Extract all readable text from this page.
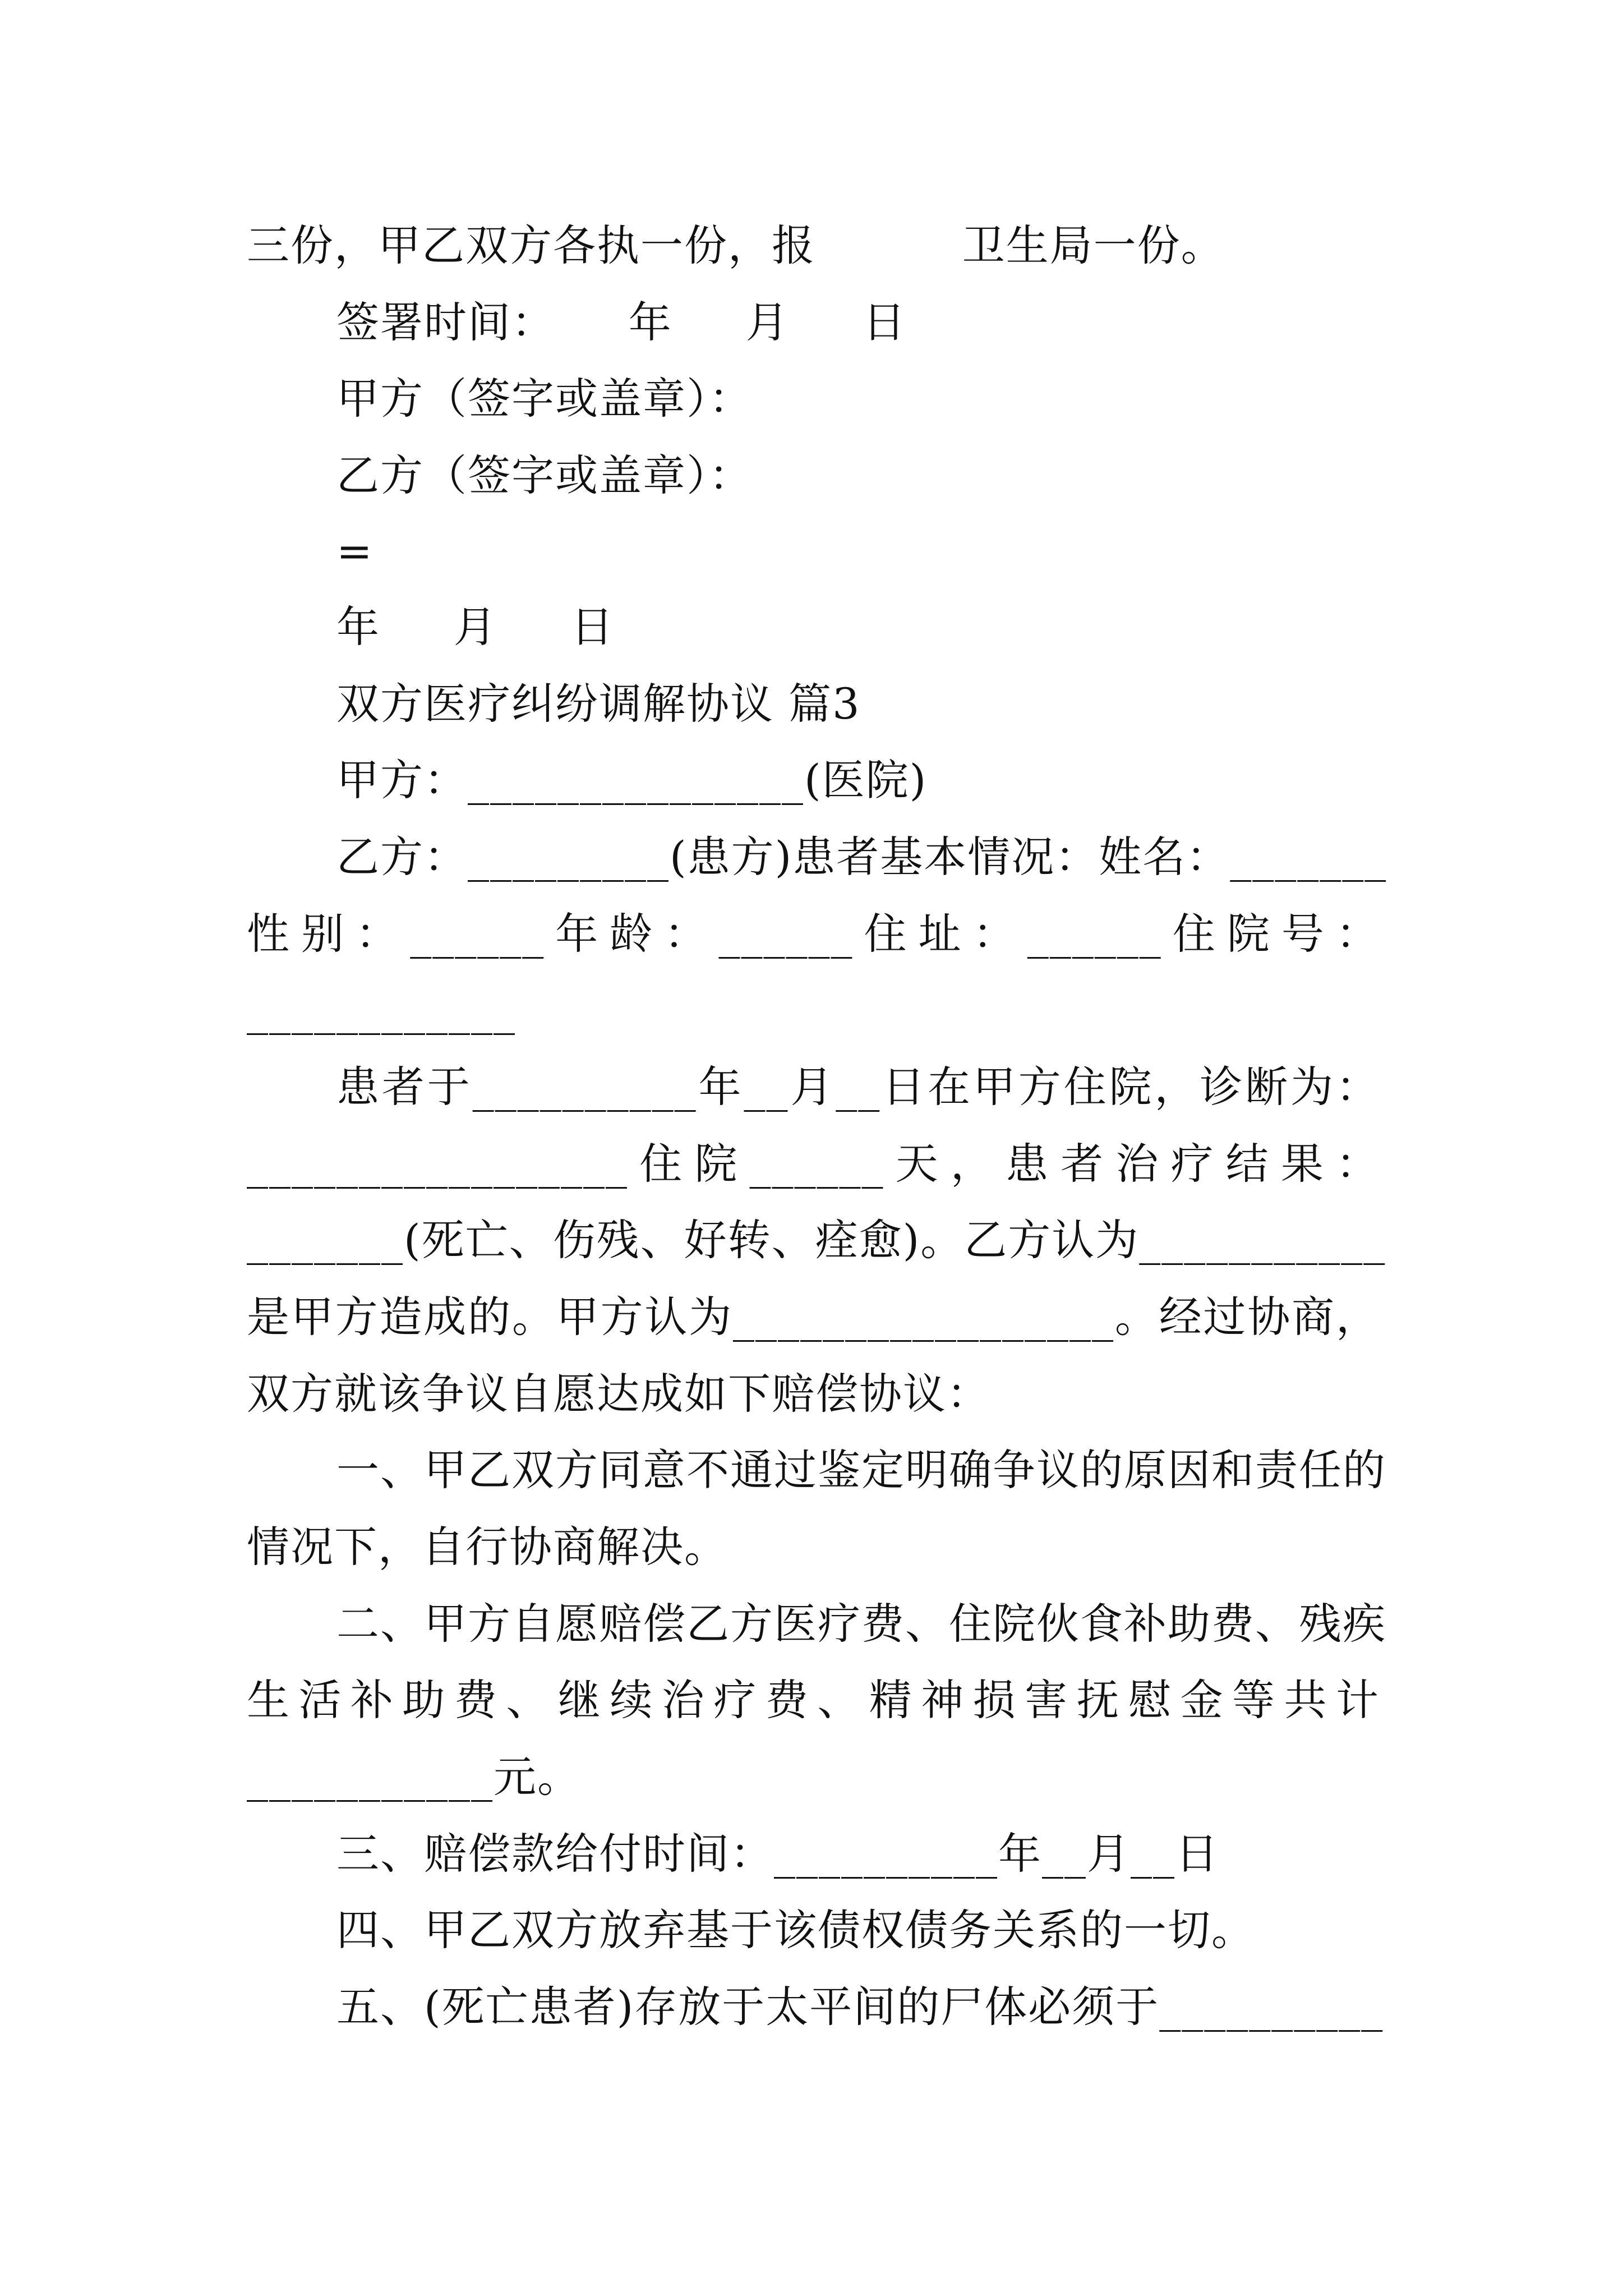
三份，甲乙双方各执一份，报          卫生局一份。
签署时间：     年     月     日
甲方（签字或盖章）：
乙方（签字或盖章）：
=
年     月     日
双方医疗纠纷调解协议 篇3
甲方：_______________(医院)
乙方：_________(患方)患者基本情况：姓名：_______
性别：______年龄：______住址：______住院号：
____________
患者于__________年__月__日在甲方住院，诊断为：
_________________住院______天，患者治疗结果：
_______(死亡、伤残、好转、痊愈)。乙方认为___________
是甲方造成的。甲方认为_________________。经过协商，
双方就该争议自愿达成如下赔偿协议：
一、甲乙双方同意不通过鉴定明确争议的原因和责任的
情况下，自行协商解决。
二、甲方自愿赔偿乙方医疗费、住院伙食补助费、残疾
生活补助费、继续治疗费、精神损害抚慰金等共计
___________元。
三、赔偿款给付时间：__________年__月__日
四、甲乙双方放弃基于该债权债务关系的一切。
五、(死亡患者)存放于太平间的尸体必须于__________
